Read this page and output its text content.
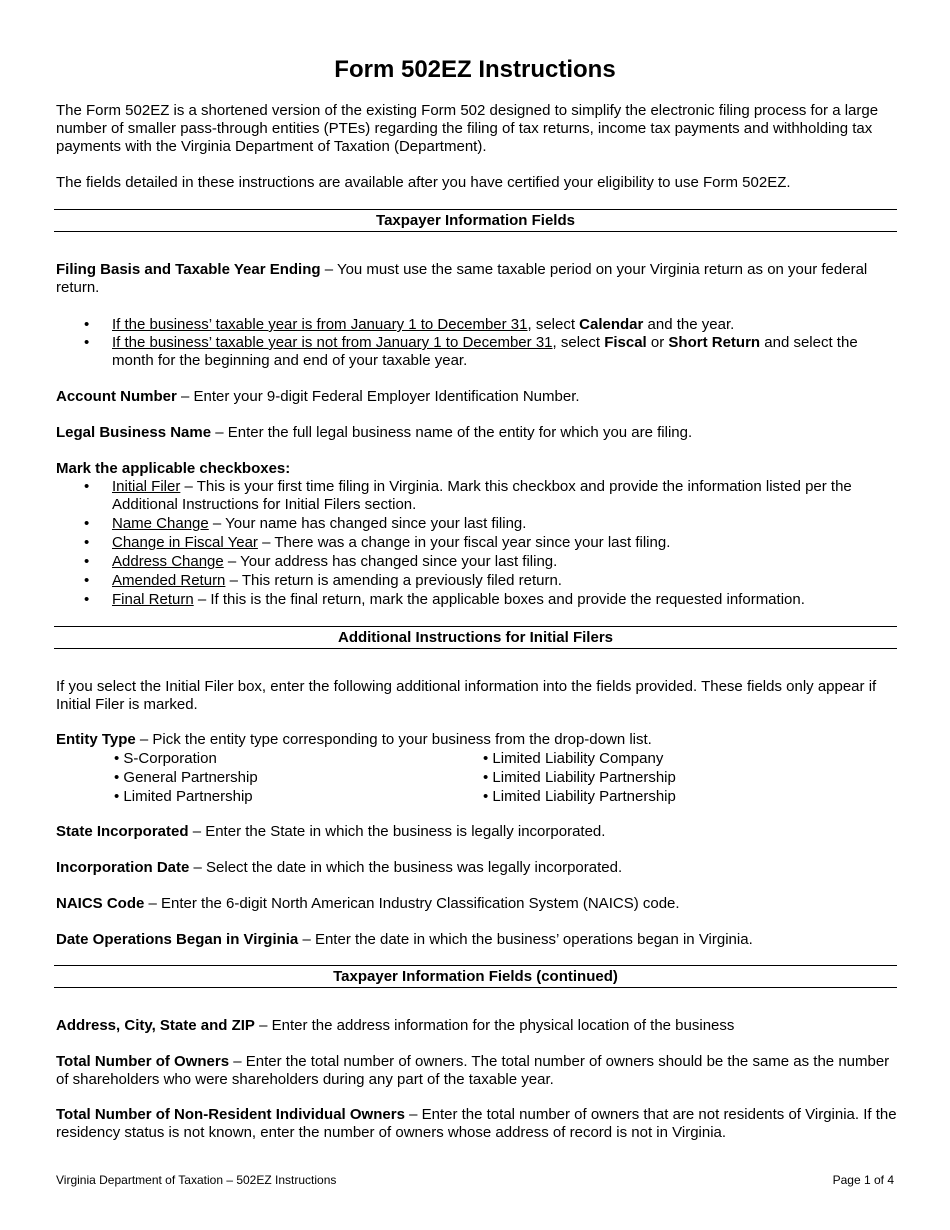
Form 502EZ Instructions

The Form 502EZ is a shortened version of the existing Form 502 designed to simplify the electronic filing process for a large number of smaller pass-through entities (PTEs) regarding the filing of tax returns, income tax payments and withholding tax payments with the Virginia Department of Taxation (Department).

The fields detailed in these instructions are available after you have certified your eligibility to use Form 502EZ.

Taxpayer Information Fields

Filing Basis and Taxable Year Ending – You must use the same taxable period on your Virginia return as on your federal return.

• If the business’ taxable year is from January 1 to December 31, select Calendar and the year.
• If the business’ taxable year is not from January 1 to December 31, select Fiscal or Short Return and select the month for the beginning and end of your taxable year.

Account Number – Enter your 9-digit Federal Employer Identification Number.

Legal Business Name – Enter the full legal business name of the entity for which you are filing.

Mark the applicable checkboxes:

• Initial Filer – This is your first time filing in Virginia. Mark this checkbox and provide the information listed per the Additional Instructions for Initial Filers section.
• Name Change – Your name has changed since your last filing.
• Change in Fiscal Year – There was a change in your fiscal year since your last filing.
• Address Change – Your address has changed since your last filing.
• Amended Return – This return is amending a previously filed return.
• Final Return – If this is the final return, mark the applicable boxes and provide the requested information.
Additional Instructions for Initial Filers

If you select the Initial Filer box, enter the following additional information into the fields provided. These fields only appear if Initial Filer is marked.

Entity Type – Pick the entity type corresponding to your business from the drop-down list.

• S-Corporation
• General Partnership
• Limited Partnership
• Limited Liability Company
• Limited Liability Partnership
• Limited Liability Partnership

State Incorporated – Enter the State in which the business is legally incorporated.

Incorporation Date – Select the date in which the business was legally incorporated.

NAICS Code – Enter the 6-digit North American Industry Classification System (NAICS) code.

Date Operations Began in Virginia – Enter the date in which the business’ operations began in Virginia.

Taxpayer Information Fields (continued)

Address, City, State and ZIP – Enter the address information for the physical location of the business

Total Number of Owners – Enter the total number of owners. The total number of owners should be the same as the number of shareholders who were shareholders during any part of the taxable year.

Total Number of Non-Resident Individual Owners – Enter the total number of owners that are not residents of Virginia. If the residency status is not known, enter the number of owners whose address of record is not in Virginia.

Virginia Department of Taxation – 502EZ Instructions	Page 1 of 4
